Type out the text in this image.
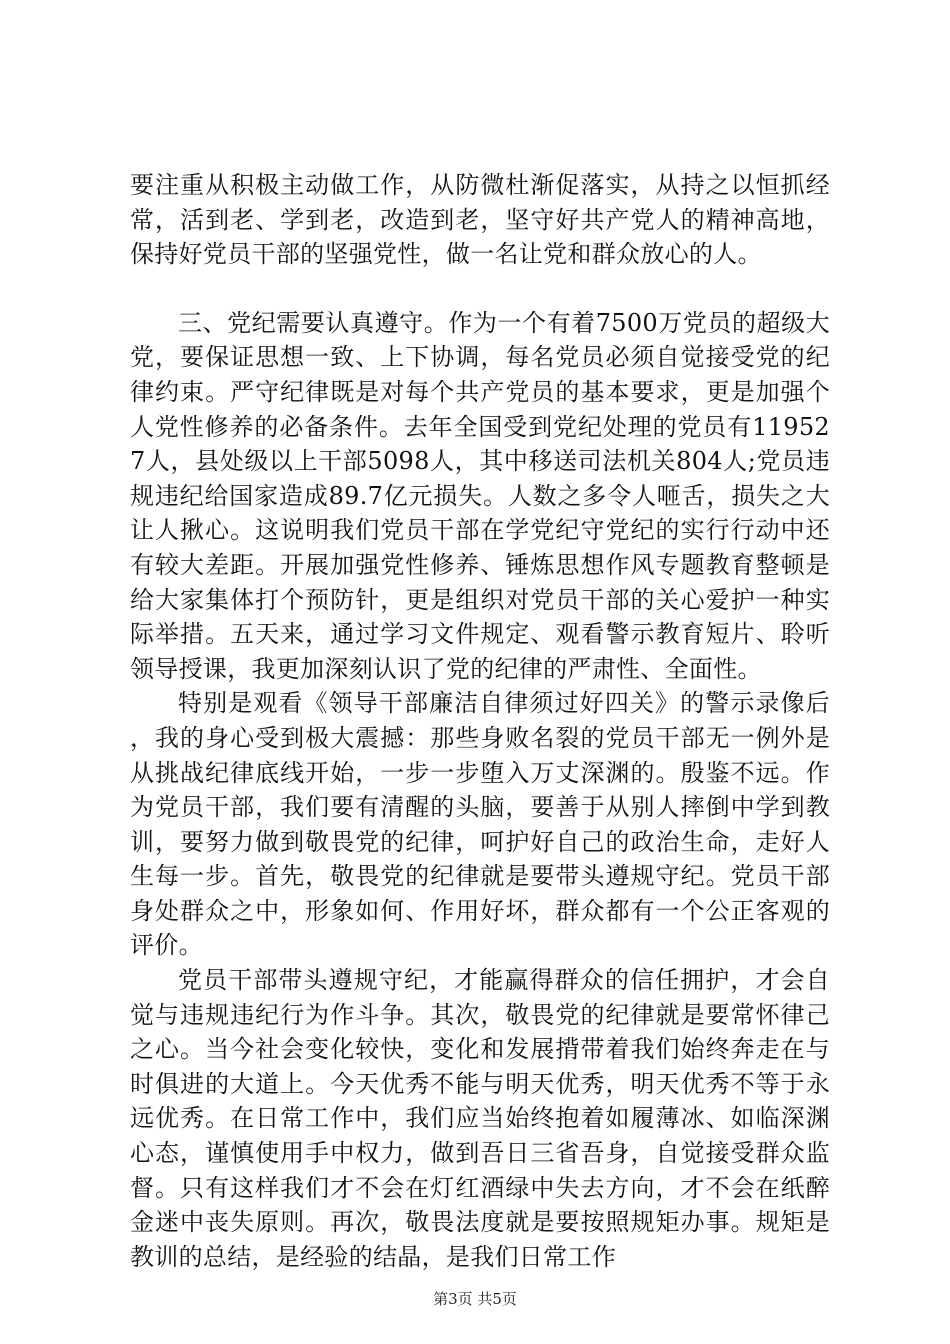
要注重从积极主动做工作，从防微杜渐促落实，从持之以恒抓经常，活到老、学到老，改造到老，坚守好共产党人的精神高地，保持好党员干部的坚强党性，做一名让党和群众放心的人。

三、党纪需要认真遵守。作为一个有着7500万党员的超级大党，要保证思想一致、上下协调，每名党员必须自觉接受党的纪律约束。严守纪律既是对每个共产党员的基本要求，更是加强个人党性修养的必备条件。去年全国受到党纪处理的党员有119527人，县处级以上干部5098人，其中移送司法机关804人;党员违规违纪给国家造成89.7亿元损失。人数之多令人咂舌，损失之大让人揪心。这说明我们党员干部在学党纪守党纪的实行行动中还有较大差距。开展加强党性修养、锤炼思想作风专题教育整顿是给大家集体打个预防针，更是组织对党员干部的关心爱护一种实际举措。五天来，通过学习文件规定、观看警示教育短片、聆听领导授课，我更加深刻认识了党的纪律的严肃性、全面性。

特别是观看《领导干部廉洁自律须过好四关》的警示录像后，我的身心受到极大震撼：那些身败名裂的党员干部无一例外是从挑战纪律底线开始，一步一步堕入万丈深渊的。殷鉴不远。作为党员干部，我们要有清醒的头脑，要善于从别人摔倒中学到教训，要努力做到敬畏党的纪律，呵护好自己的政治生命，走好人生每一步。首先，敬畏党的纪律就是要带头遵规守纪。党员干部身处群众之中，形象如何、作用好坏，群众都有一个公正客观的评价。

党员干部带头遵规守纪，才能赢得群众的信任拥护，才会自觉与违规违纪行为作斗争。其次，敬畏党的纪律就是要常怀律己之心。当今社会变化较快，变化和发展揹带着我们始终奔走在与时俱进的大道上。今天优秀不能与明天优秀，明天优秀不等于永远优秀。在日常工作中，我们应当始终抱着如履薄冰、如临深渊心态，谨慎使用手中权力，做到吾日三省吾身，自觉接受群众监督。只有这样我们才不会在灯红酒绿中失去方向，才不会在纸醉金迷中丧失原则。再次，敬畏法度就是要按照规矩办事。规矩是教训的总结，是经验的结晶，是我们日常工作

第3页 共5页
